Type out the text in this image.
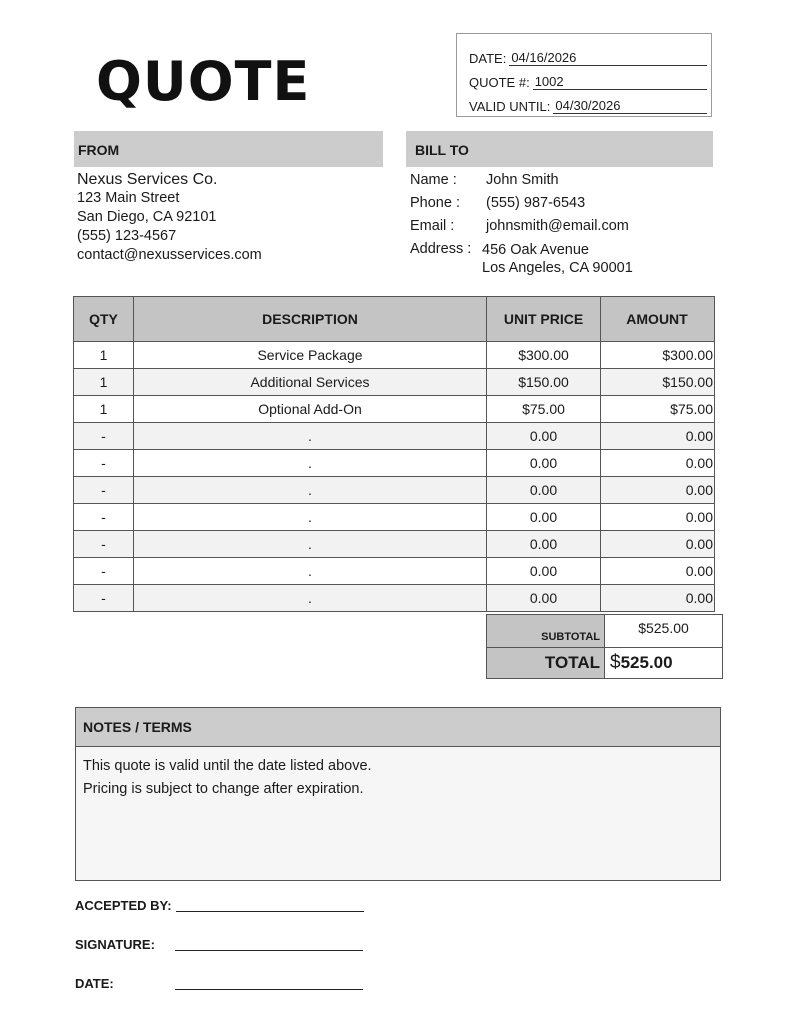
QUOTE	DATE: 04/16/2026
QUOTE #: 1002
VALID UNTIL: 04/30/2026
FROM	BILL TO
Nexus Services Co.
123 Main Street
San Diego, CA 92101
(555) 123-4567
contact@nexusservices.com
Name :	John Smith
Phone :	(555) 987-6543
Email :	johnsmith@email.com
Address : 456 Oak Avenue
Los Angeles, CA 90001
QTY	DESCRIPTION	UNIT PRICE	AMOUNT
1	Service Package	$300.00	$300.00
1	Additional Services	$150.00	$150.00
1	Optional Add-On	$75.00	$75.00
-	.	0.00	0.00
-	.	0.00	0.00
-	.	0.00	0.00
-	.	0.00	0.00
-	.	0.00	0.00
-	.	0.00	0.00
-	.	0.00	0.00
SUBTOTAL	$525.00
TOTAL	$525.00
NOTES / TERMS
This quote is valid until the date listed above.
Pricing is subject to change after expiration.
ACCEPTED BY:
SIGNATURE:
DATE:
